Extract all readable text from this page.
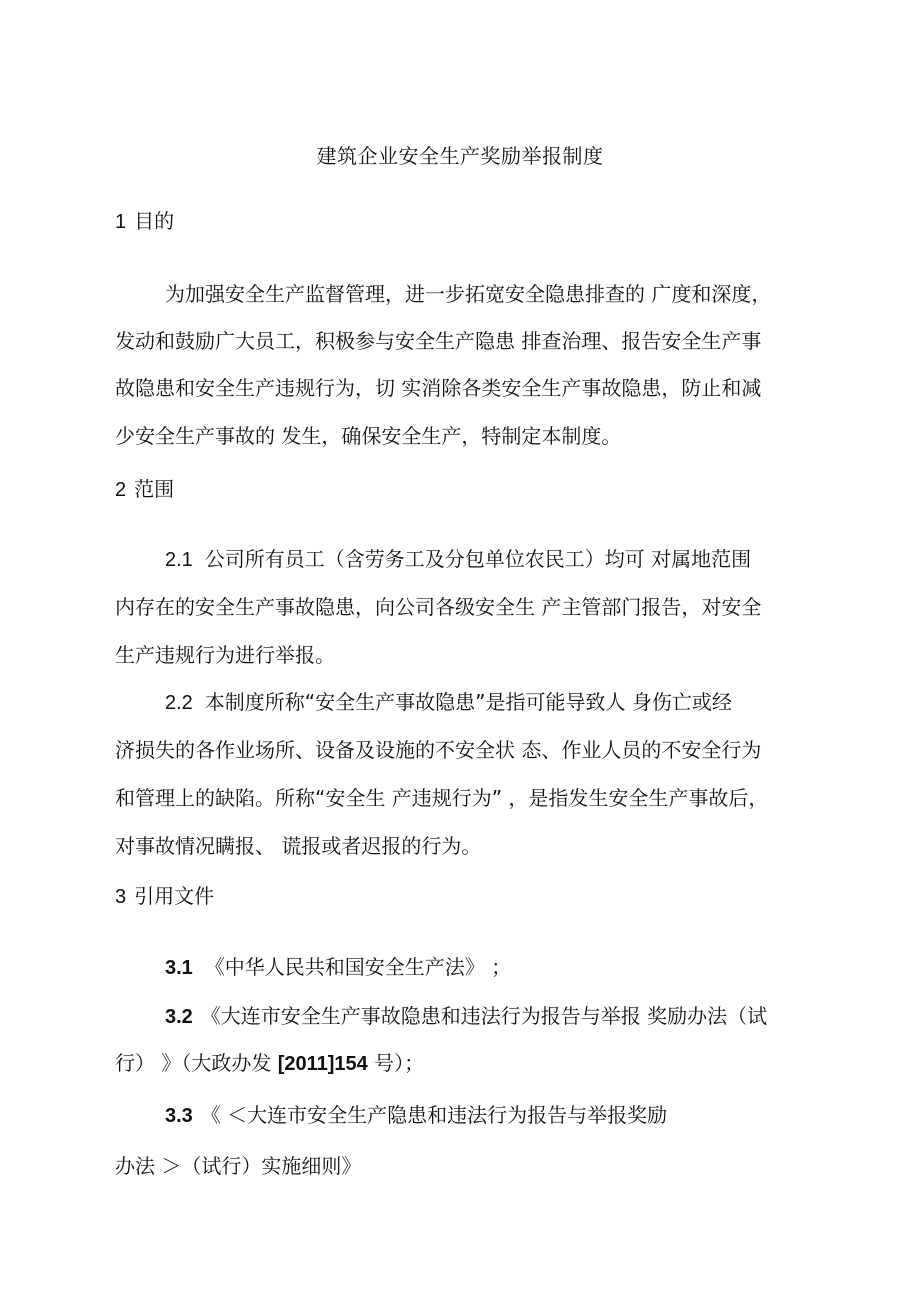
建筑企业安全生产奖励举报制度
1 目的
为加强安全生产监督管理，进一步拓宽安全隐患排查的 广度和深度，
发动和鼓励广大员工，积极参与安全生产隐患 排查治理、报告安全生产事
故隐患和安全生产违规行为，切 实消除各类安全生产事故隐患，防止和减
少安全生产事故的 发生，确保安全生产，特制定本制度。
2 范围
2.1 公司所有员工（含劳务工及分包单位农民工）均可 对属地范围
内存在的安全生产事故隐患，向公司各级安全生 产主管部门报告，对安全
生产违规行为进行举报。
2.2 本制度所称“安全生产事故隐患”是指可能导致人 身伤亡或经
济损失的各作业场所、设备及设施的不安全状 态、作业人员的不安全行为
和管理上的缺陷。所称“安全生 产违规行为” ，是指发生安全生产事故后，
对事故情况瞒报、 谎报或者迟报的行为。
3 引用文件
3.1 《中华人民共和国安全生产法》 ；
3.2 《大连市安全生产事故隐患和违法行为报告与举报 奖励办法（试
行） 》（大政办发 [2011]154 号）；
3.3 《 ＜大连市安全生产隐患和违法行为报告与举报奖励
办法 ＞（试行）实施细则》
